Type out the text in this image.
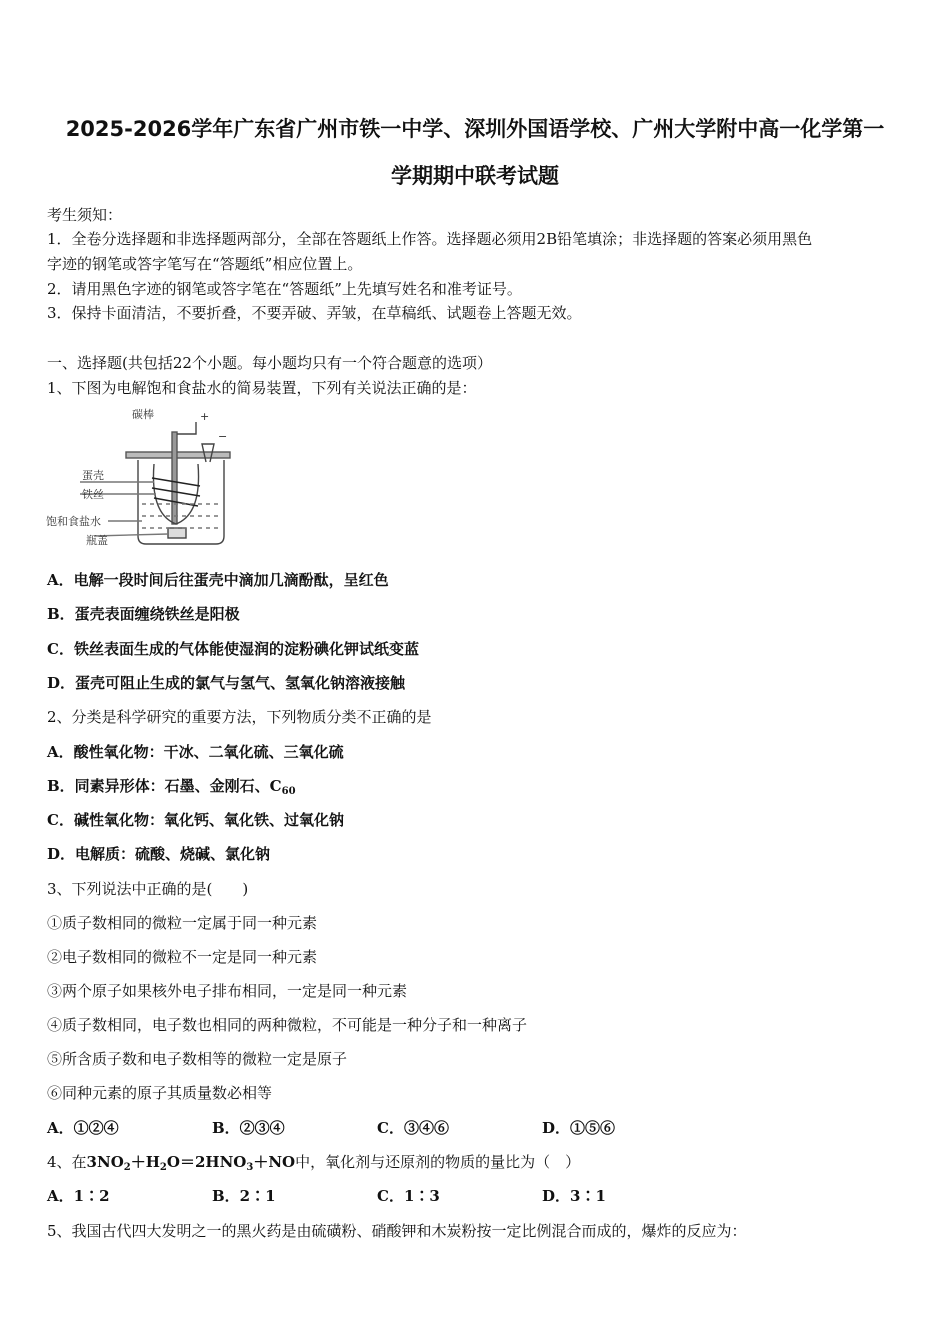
2025-2026学年广东省广州市铁一中学、深圳外国语学校、广州大学附中高一化学第一
学期期中联考试题
考生须知：
1．全卷分选择题和非选择题两部分，全部在答题纸上作答。选择题必须用2B铅笔填涂；非选择题的答案必须用黑色
字迹的钢笔或答字笔写在“答题纸”相应位置上。
2．请用黑色字迹的钢笔或答字笔在“答题纸”上先填写姓名和准考证号。
3．保持卡面清洁，不要折叠，不要弄破、弄皱，在草稿纸、试题卷上答题无效。
一、选择题(共包括22个小题。每小题均只有一个符合题意的选项）
1、下图为电解饱和食盐水的简易装置，下列有关说法正确的是：
碳棒	+
−
蛋壳
铁丝
饱和食盐水
瓶盖
A．电解一段时间后往蛋壳中滴加几滴酚酞，呈红色
B．蛋壳表面缠绕铁丝是阳极
C．铁丝表面生成的气体能使湿润的淀粉碘化钾试纸变蓝
D．蛋壳可阻止生成的氯气与氢气、氢氧化钠溶液接触
2、分类是科学研究的重要方法，下列物质分类不正确的是
A．酸性氧化物：干冰、二氧化硫、三氧化硫
B．同素异形体：石墨、金刚石、$C_{60}$
C．碱性氧化物：氧化钙、氧化铁、过氧化钠
D．电解质：硫酸、烧碱、氯化钠
3、下列说法中正确的是(　　)
①质子数相同的微粒一定属于同一种元素
②电子数相同的微粒不一定是同一种元素
③两个原子如果核外电子排布相同，一定是同一种元素
④质子数相同，电子数也相同的两种微粒，不可能是一种分子和一种离子
⑤所含质子数和电子数相等的微粒一定是原子
⑥同种元素的原子其质量数必相等
A．①②④	B．②③④	C．③④⑥	D．①⑤⑥
4、在$3NO_2+H_2O=2HNO_3+NO$中，氧化剂与还原剂的物质的量比为（　）
A．1∶2	B．2∶1	C．1∶3	D．3∶1
5、我国古代四大发明之一的黑火药是由硫磺粉、硝酸钾和木炭粉按一定比例混合而成的，爆炸的反应为：
